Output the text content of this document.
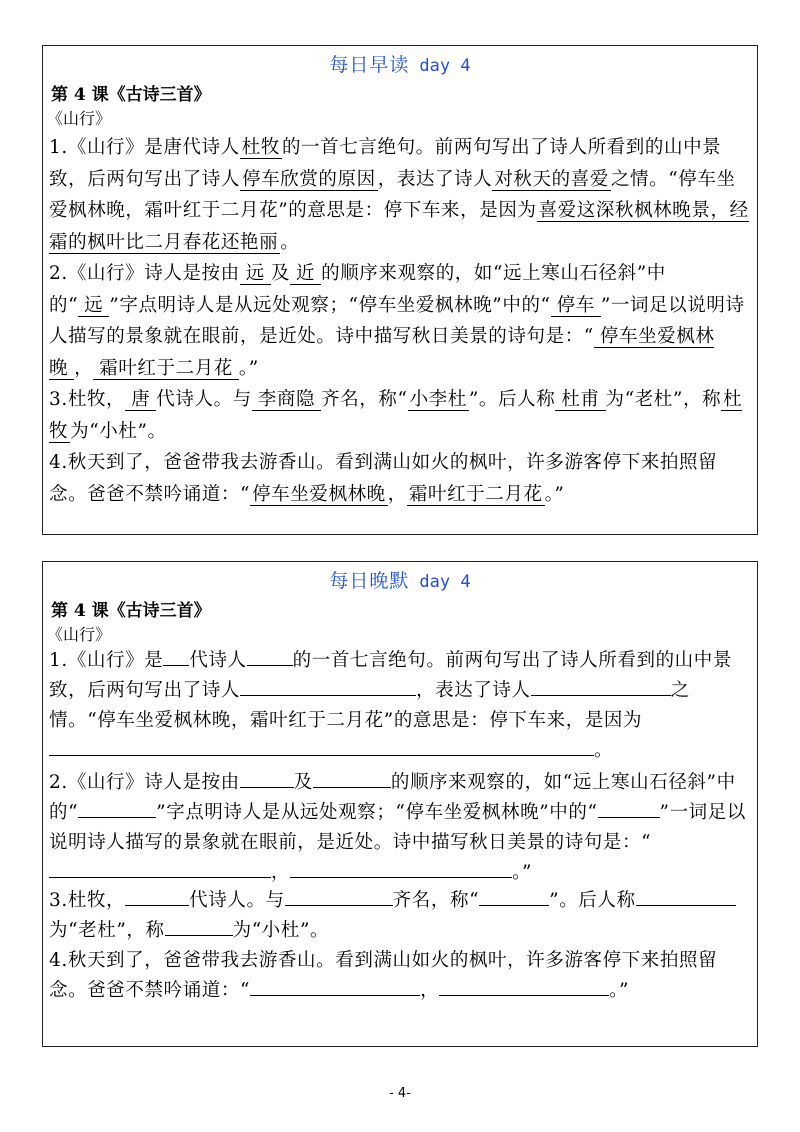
每日早读 day 4
第 4 课《古诗三首》
《山行》
1.《山行》是唐代诗人 杜牧 的一首七言绝句。前两句写出了诗人所看到的山中景致，后两句写出了诗人 停车欣赏的原因 ，表达了诗人 对秋天的喜爱 之情。“停车坐爱枫林晚，霜叶红于二月花”的意思是：停下车来，是因为 喜爱这深秋枫林晚景，经霜的枫叶比二月春花还艳丽 。
2.《山行》诗人是按由 远 及 近 的顺序来观察的，如“远上寒山石径斜”中的“ 远 ”字点明诗人是从远处观察；“停车坐爱枫林晚”中的“ 停车 ”一词足以说明诗人描写的景象就在眼前，是近处。诗中描写秋日美景的诗句是：“ 停车坐爱枫林晚 ， 霜叶红于二月花 。”
3.杜牧， 唐 代诗人。与 李商隐 齐名，称“ 小李杜 ”。后人称 杜甫 为“老杜”，称 杜牧 为“小杜”。
4.秋天到了，爸爸带我去游香山。看到满山如火的枫叶，许多游客停下来拍照留念。爸爸不禁吟诵道：“ 停车坐爱枫林晚 ， 霜叶红于二月花 。”
每日晚默 day 4
第 4 课《古诗三首》
《山行》
1.《山行》是 代诗人 的一首七言绝句。前两句写出了诗人所看到的山中景致，后两句写出了诗人	，表达了诗人	之情。“停车坐爱枫林晚，霜叶红于二月花”的意思是：停下车来，是因为。
2.《山行》诗人是按由	及	的顺序来观察的，如“远上寒山石径斜”中的“	”字点明诗人是从远处观察；“停车坐爱枫林晚”中的“	”一词足以说明诗人描写的景象就在眼前，是近处。诗中描写秋日美景的诗句是：“，	。”
3.杜牧，	代诗人。与	齐名，称“	”。后人称为“老杜”，称	为“小杜”。
4.秋天到了，爸爸带我去游香山。看到满山如火的枫叶，许多游客停下来拍照留念。爸爸不禁吟诵道：“	，	。”
- 4-
